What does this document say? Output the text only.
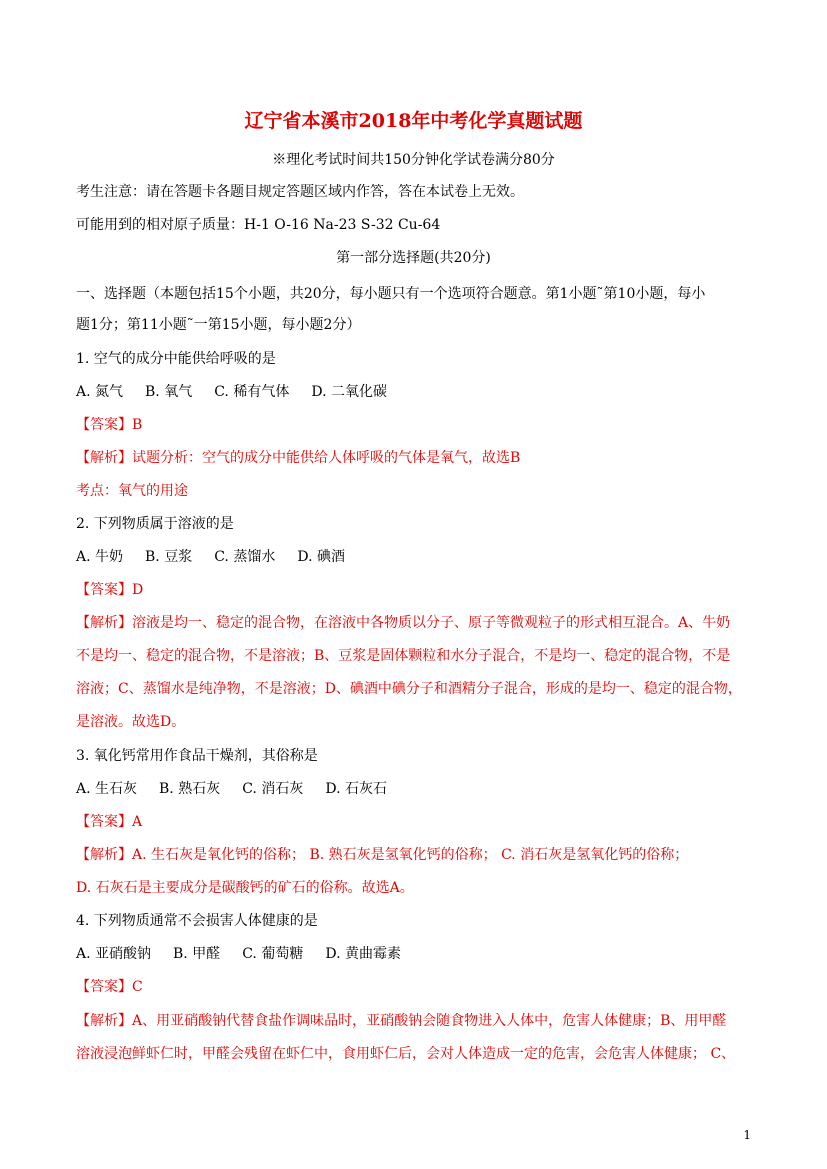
辽宁省本溪市2018年中考化学真题试题
※理化考试时间共150分钟化学试卷满分80分
考生注意：请在答题卡各题目规定答题区域内作答，答在本试卷上无效。
可能用到的相对原子质量：H-1 O-16 Na-23 S-32 Cu-64
第一部分选择题(共20分)
一、选择题（本题包括15个小题，共20分，每小题只有一个选项符合题意。第1小题˜第10小题，每小
题1分；第11小题˜一第15小题，每小题2分）
1. 空气的成分中能供给呼吸的是
A. 氮气 B. 氧气 C. 稀有气体 D. 二氧化碳
【答案】B
【解析】试题分析：空气的成分中能供给人体呼吸的气体是氧气，故选B
考点：氧气的用途
2. 下列物质属于溶液的是
A. 牛奶 B. 豆浆 C. 蒸馏水 D. 碘酒
【答案】D
【解析】溶液是均一、稳定的混合物，在溶液中各物质以分子、原子等微观粒子的形式相互混合。A、牛奶
不是均一、稳定的混合物，不是溶液；B、豆浆是固体颗粒和水分子混合，不是均一、稳定的混合物，不是
溶液；C、蒸馏水是纯净物，不是溶液；D、碘酒中碘分子和酒精分子混合，形成的是均一、稳定的混合物，
是溶液。故选D。
3. 氧化钙常用作食品干燥剂，其俗称是
A. 生石灰 B. 熟石灰 C. 消石灰 D. 石灰石
【答案】A
【解析】A. 生石灰是氧化钙的俗称； B. 熟石灰是氢氧化钙的俗称； C. 消石灰是氢氧化钙的俗称；
D. 石灰石是主要成分是碳酸钙的矿石的俗称。故选A。
4. 下列物质通常不会损害人体健康的是
A. 亚硝酸钠 B. 甲醛 C. 葡萄糖 D. 黄曲霉素
【答案】C
【解析】A、用亚硝酸钠代替食盐作调味品时，亚硝酸钠会随食物进入人体中，危害人体健康；B、用甲醛
溶液浸泡鲜虾仁时，甲醛会残留在虾仁中，食用虾仁后，会对人体造成一定的危害，会危害人体健康； C、
1
